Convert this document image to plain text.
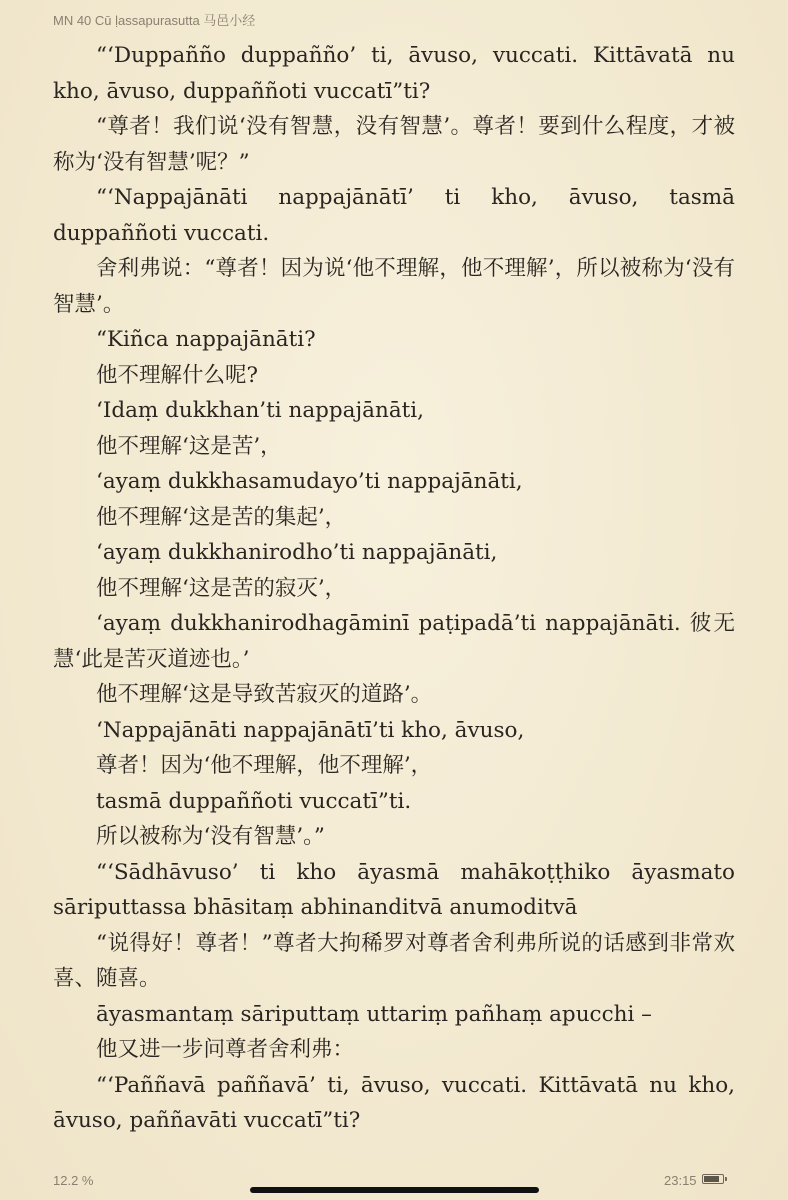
MN 40 Cū ḷassapurasutta 马邑小经

“‘Duppañño duppañño’ ti, āvuso, vuccati. Kittāvatā nu kho, āvuso, duppaññoti vuccatī”ti?

“尊者！我们说‘没有智慧，没有智慧’。尊者！要到什么程度，才被称为‘没有智慧’呢？”

“‘Nappajānāti nappajānātī’ ti kho, āvuso, tasmā duppaññoti vuccati.

舍利弗说：“尊者！因为说‘他不理解，他不理解’，所以被称为‘没有智慧’。

“Kiñca nappajānāti?

他不理解什么呢?

‘Idaṃ dukkhan’ti nappajānāti,

他不理解‘这是苦’，

‘ayaṃ dukkhasamudayo’ti nappajānāti,

他不理解‘这是苦的集起’，

‘ayaṃ dukkhanirodho’ti nappajānāti,

他不理解‘这是苦的寂灭’，

‘ayaṃ dukkhanirodhagāminī paṭipadā’ti nappajānāti. 彼无慧‘此是苦灭道迹也。’

他不理解‘这是导致苦寂灭的道路’。

‘Nappajānāti nappajānātī’ti kho, āvuso,

尊者！因为‘他不理解，他不理解’，

tasmā duppaññoti vuccatī”ti.

所以被称为‘没有智慧’。”

“‘Sādhāvuso’ ti kho āyasmā mahākoṭṭhiko āyasmato sāriputtassa bhāsitaṃ abhinanditvā anumoditvā

“说得好！尊者！”尊者大拘稀罗对尊者舍利弗所说的话感到非常欢喜、随喜。

āyasmantaṃ sāriputtaṃ uttariṃ pañhaṃ apucchi –

他又进一步问尊者舍利弗：

“‘Paññavā paññavā’ ti, āvuso, vuccati. Kittāvatā nu kho, āvuso, paññavāti vuccatī”ti?

12.2 %	23:15
